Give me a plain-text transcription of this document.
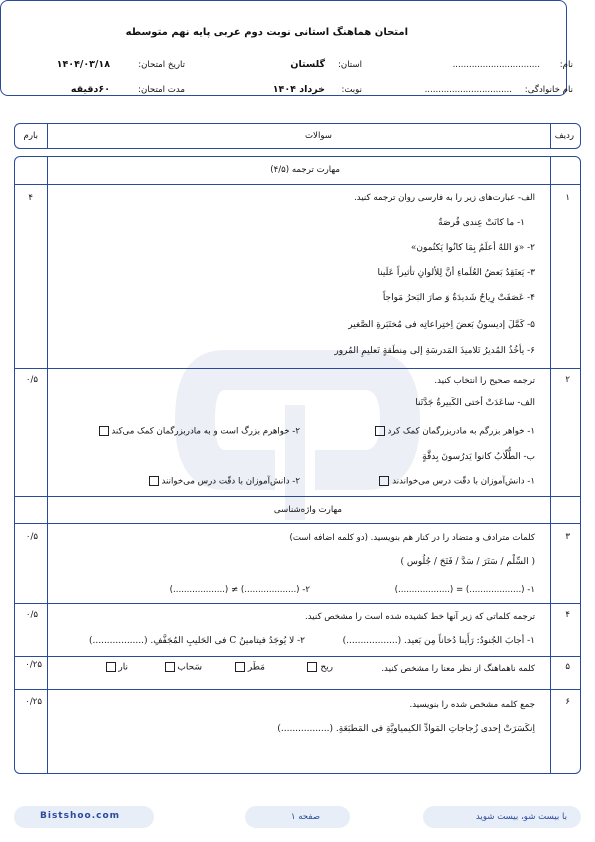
امتحان هماهنگ استانی نوبت دوم عربی پایه نهم متوسطه
نام:
................................
نام خانوادگی:
................................
استان:
گلستان
نوبت:
خرداد ۱۴۰۴
تاریخ امتحان:
۱۴۰۴/۰۳/۱۸
مدت امتحان:
۶۰دقیقه
ردیف
سوالات
بارم
مهارت ترجمه (۴/۵)
۱
۴	الف- عبارت‌های زیر را به فارسی روان ترجمه کنید.
۱- ما کانَتْ عِندی فُرصَةٌ
۲- «وَ اللهُ أعلَمُ بِمَا کانُوا یَکتُمون»
۳- یَعتَقِدُ بَعضُ العُلَماءِ أنَّ لِلألوانِ تأثیراً عَلَینا
۴- عَصَفَتْ رِیاحٌ شَدیدَةٌ وَ صارَ البَحرُ مَواجاً
۵- کَمَّلَ إدیسونُ بَعضَ اِختِراعاتِه فی مُختَبَرةِ الصَّغیر
۶- یأخُذُ المُدیرُ تَلامیذَ المَدرسَةِ إلی مِنطَقةٍ تَعلیمِ المُرور
۲
۰/۵	ترجمه صحیح را انتخاب کنید.
الف- ساعَدَتْ أختی الکَبیرةُ جَدَّتَنا
۱- خواهر بزرگم به مادربزرگمان کمک کرد
۲- خواهرم بزرگ است و به مادربزرگمان کمک می‌کند
ب- الطُّلّابُ کانوا یَدرُسونَ بِدقَّةٍ
۱- دانش‌آموزان با دقّت درس می‌خواندند
۲- دانش‌آموزان با دقّت درس می‌خوانند
مهارت واژه‌شناسی
۳
۰/۵	کلمات مترادف و متضاد را در کنار هم بنویسید. (دو کلمه اضافه است)
( السِّلْم / سَتَرَ / سَدَّ / فَتَحَ / جُلُوس )
۱- (...................) = (...................)
۲- (...................) ≠ (...................)
۴
۰/۵	ترجمه کلماتی که زیر آنها خط کشیده شده است را مشخص کنید.
۱- أجابَ الجُنودُ: رَأَینا دُخاناً مِن بَعید. (..................)
۲- لا یُوجَدُ فیتامینُ C فی الحَلیبِ المُجَفَّفِ. (..................)
۵
۰/۲۵	کلمه ناهماهنگ از نظر معنا را مشخص کنید.
ریح
مَطَر
سَحاب
نار
۶
۰/۲۵	جمع کلمه مشخص شده را بنویسید.
اِنکَسَرَتْ إحدی زُجاجاتِ المَوادِّ الکیمیاویَّةِ فی المَطبَعَةِ. (.................)
Bistshoo.com	صفحه ۱	با بیست شو، بیست شوید
